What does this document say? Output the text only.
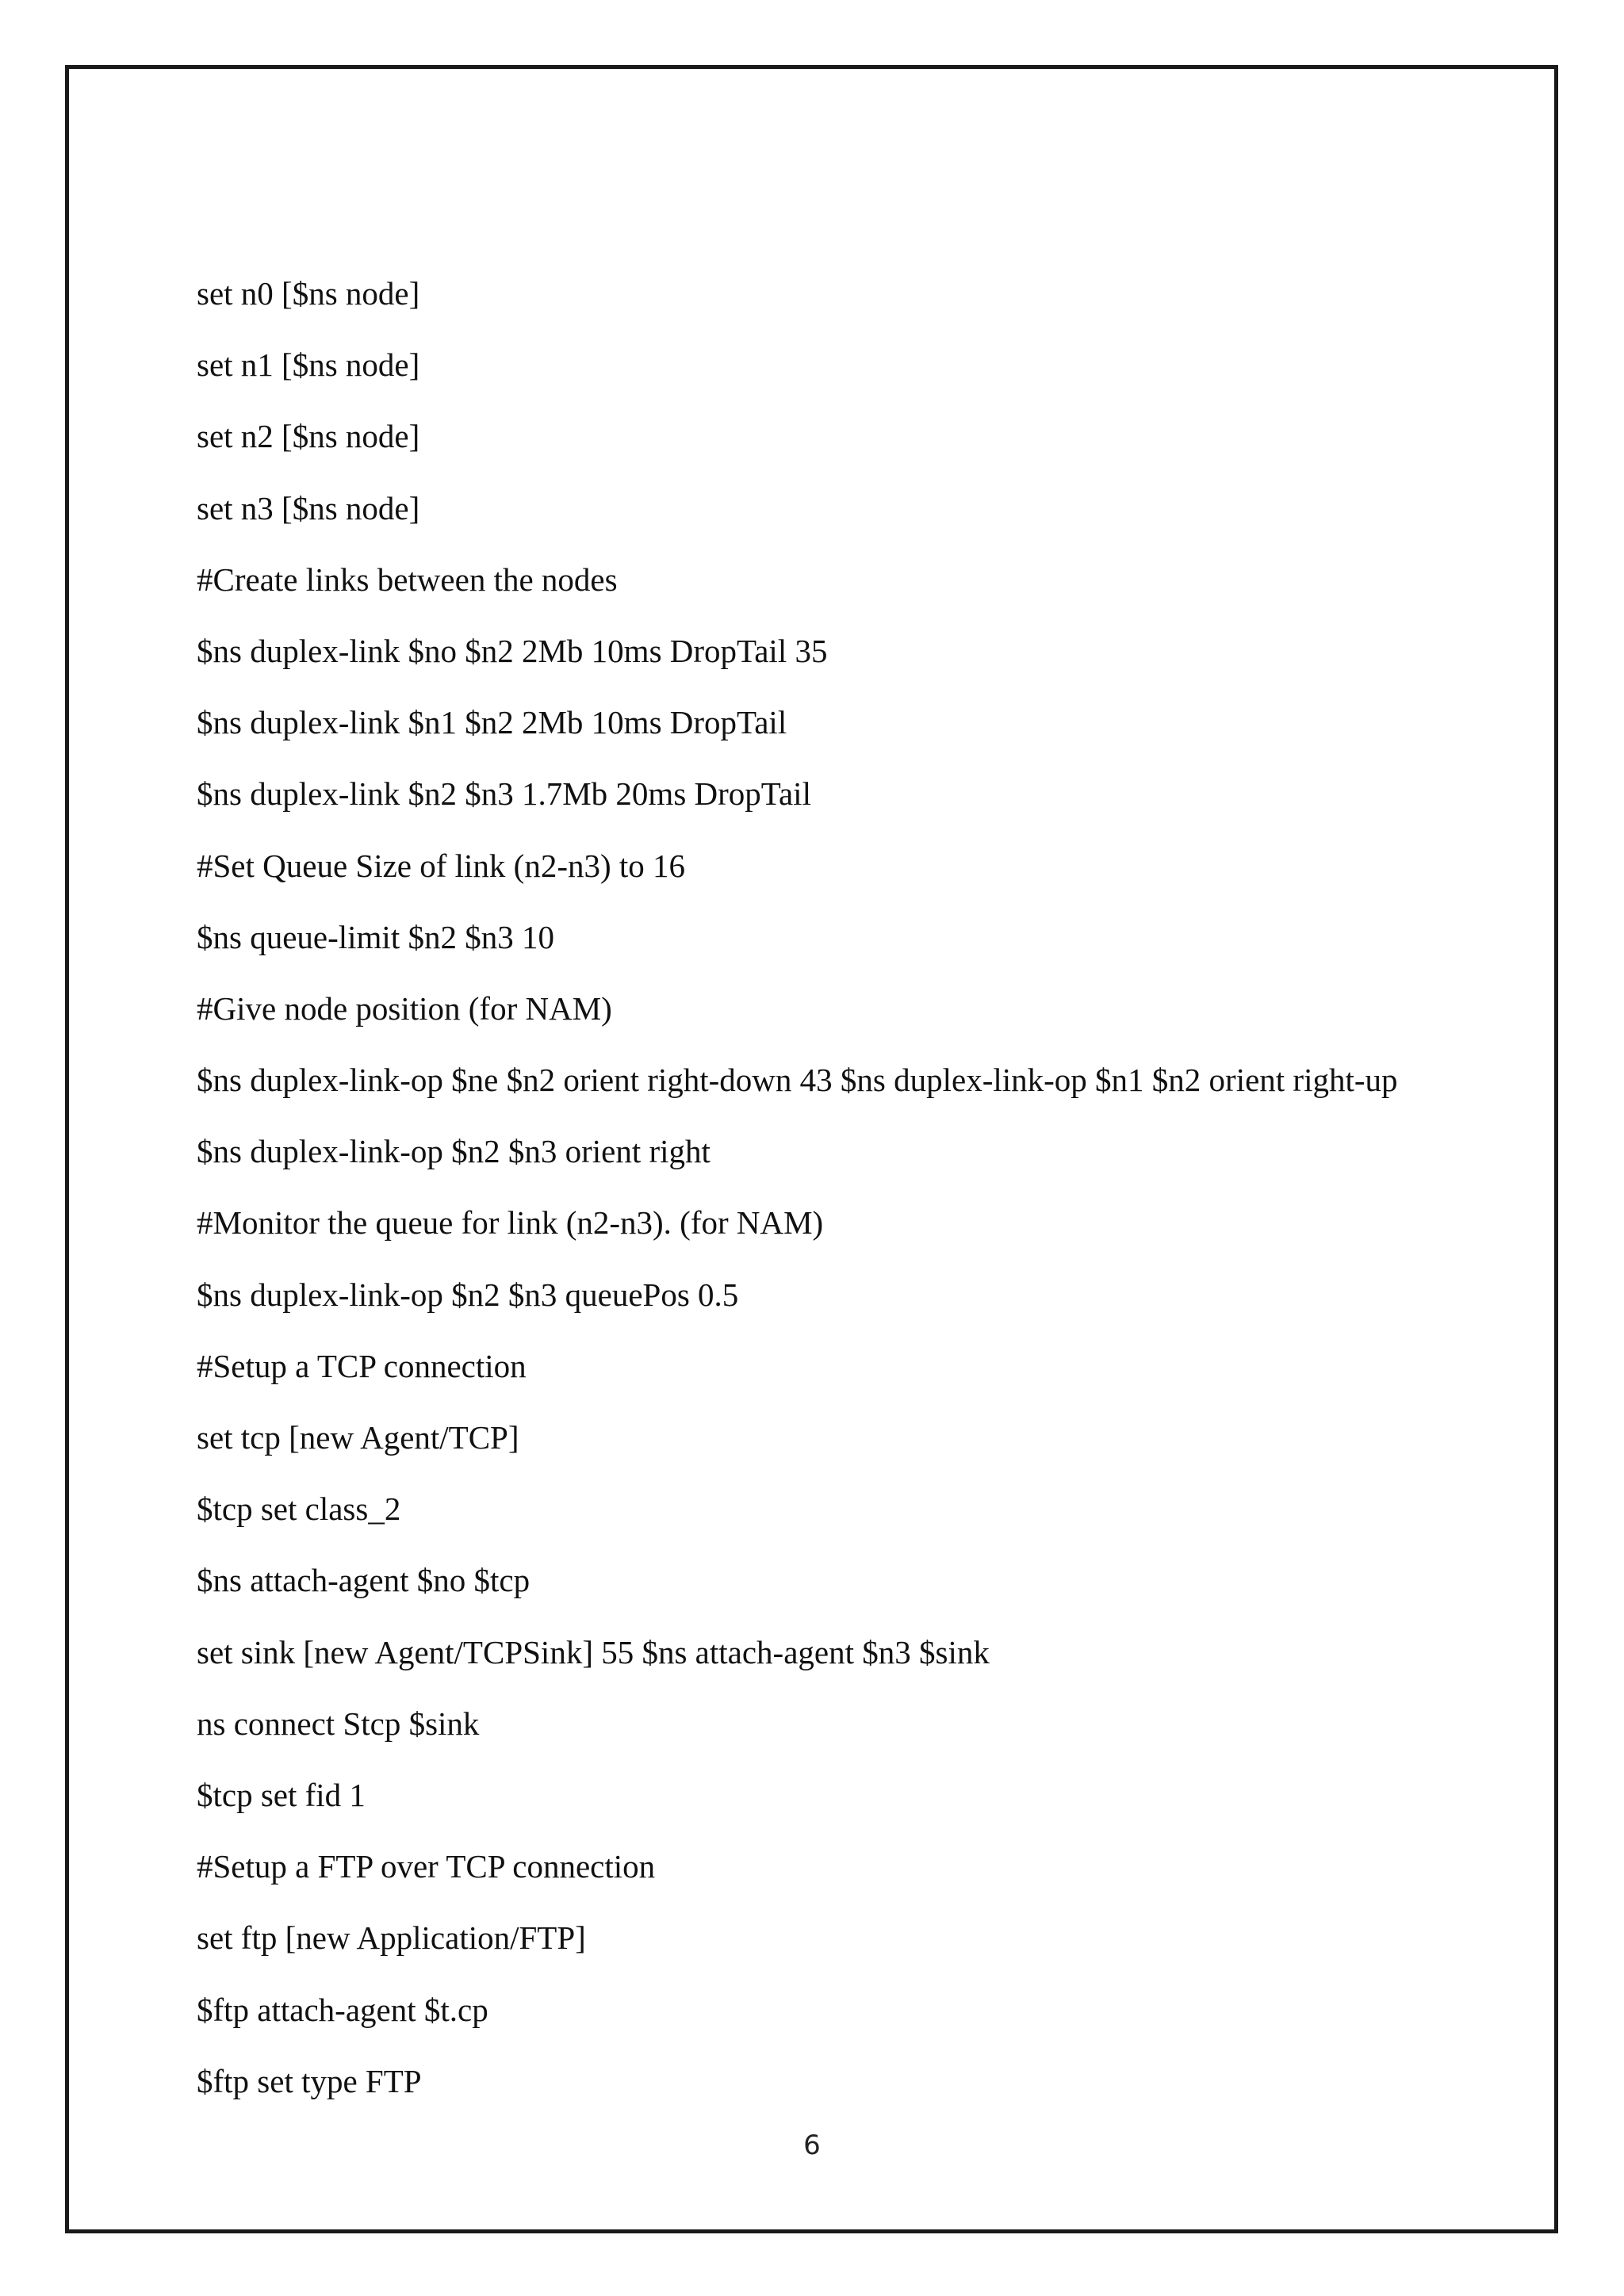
set n0 [$ns node]
set n1 [$ns node]
set n2 [$ns node]
set n3 [$ns node]
#Create links between the nodes
$ns duplex-link $no $n2 2Mb 10ms DropTail 35
$ns duplex-link $n1 $n2 2Mb 10ms DropTail
$ns duplex-link $n2 $n3 1.7Mb 20ms DropTail
#Set Queue Size of link (n2-n3) to 16
$ns queue-limit $n2 $n3 10
#Give node position (for NAM)
$ns duplex-link-op $ne $n2 orient right-down 43 $ns duplex-link-op $n1 $n2 orient right-up
$ns duplex-link-op $n2 $n3 orient right
#Monitor the queue for link (n2-n3). (for NAM)
$ns duplex-link-op $n2 $n3 queuePos 0.5
#Setup a TCP connection
set tcp [new Agent/TCP]
$tcp set class_2
$ns attach-agent $no $tcp
set sink [new Agent/TCPSink] 55 $ns attach-agent $n3 $sink
ns connect Stcp $sink
$tcp set fid 1
#Setup a FTP over TCP connection
set ftp [new Application/FTP]
$ftp attach-agent $t.cp
$ftp set type FTP
6
